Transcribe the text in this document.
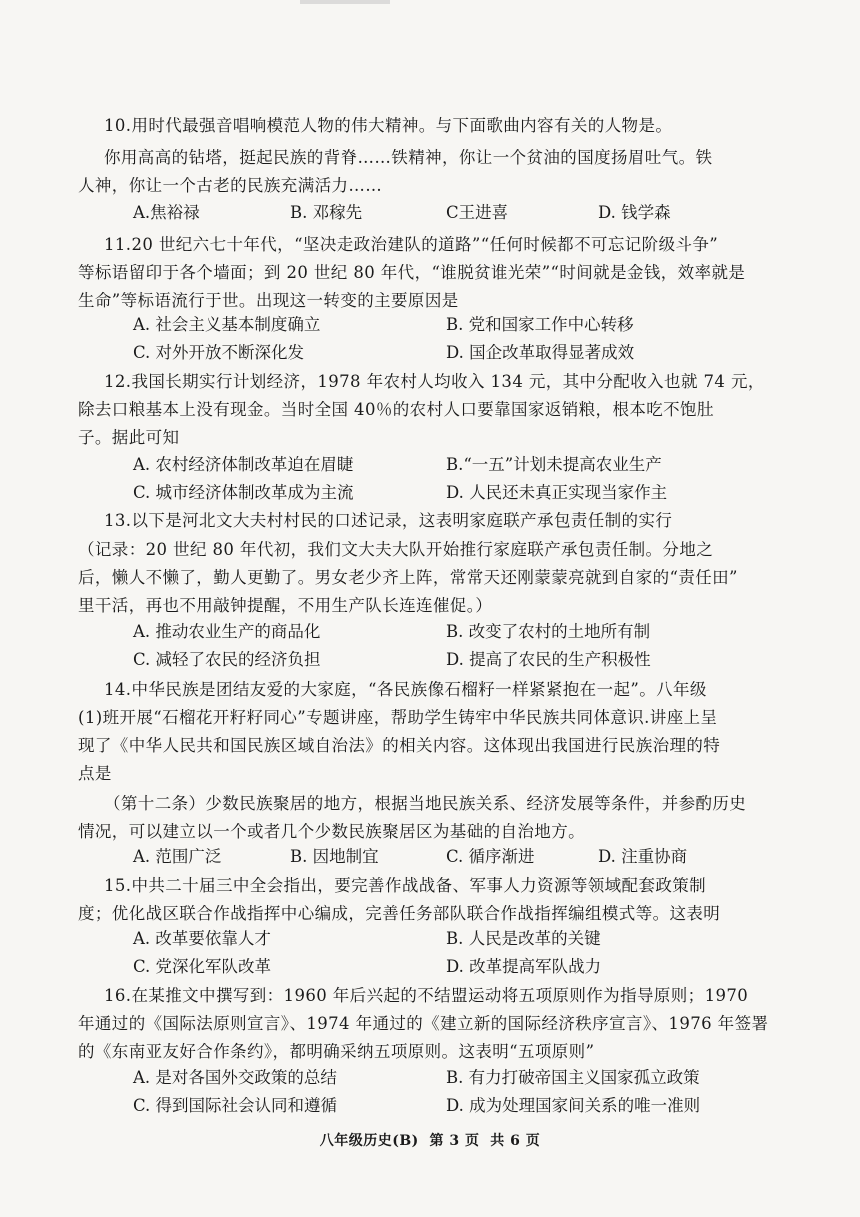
10.用时代最强音唱响模范人物的伟大精神。与下面歌曲内容有关的人物是。
你用高高的钻塔，挺起民族的背脊……铁精神，你让一个贫油的国度扬眉吐气。铁
人神，你让一个古老的民族充满活力……
A.焦裕禄	B. 邓稼先	C王进喜	D. 钱学森
11.20 世纪六七十年代，“坚决走政治建队的道路”“任何时候都不可忘记阶级斗争”
等标语留印于各个墙面；到 20 世纪 80 年代，“谁脱贫谁光荣”“时间就是金钱，效率就是
生命”等标语流行于世。出现这一转变的主要原因是
A. 社会主义基本制度确立	B. 党和国家工作中心转移
C. 对外开放不断深化发	D. 国企改革取得显著成效
12.我国长期实行计划经济，1978 年农村人均收入 134 元，其中分配收入也就 74 元，
除去口粮基本上没有现金。当时全国 40％的农村人口要靠国家返销粮，根本吃不饱肚
子。据此可知
A. 农村经济体制改革迫在眉睫	B.“一五”计划未提高农业生产
C. 城市经济体制改革成为主流	D. 人民还未真正实现当家作主
13.以下是河北文大夫村村民的口述记录，这表明家庭联产承包责任制的实行
（记录：20 世纪 80 年代初，我们文大夫大队开始推行家庭联产承包责任制。分地之
后，懒人不懒了，勤人更勤了。男女老少齐上阵，常常天还刚蒙蒙亮就到自家的“责任田”
里干活，再也不用敲钟提醒，不用生产队长连连催促。）
A. 推动农业生产的商品化	B. 改变了农村的土地所有制
C. 减轻了农民的经济负担	D. 提高了农民的生产积极性
14.中华民族是团结友爱的大家庭，“各民族像石榴籽一样紧紧抱在一起”。八年级
(1)班开展“石榴花开籽籽同心”专题讲座，帮助学生铸牢中华民族共同体意识.讲座上呈
现了《中华人民共和国民族区域自治法》的相关内容。这体现出我国进行民族治理的特
点是
（第十二条）少数民族聚居的地方，根据当地民族关系、经济发展等条件，并参酌历史
情况，可以建立以一个或者几个少数民族聚居区为基础的自治地方。
A. 范围广泛	B. 因地制宜	C. 循序渐进	D. 注重协商
15.中共二十届三中全会指出，要完善作战战备、军事人力资源等领域配套政策制
度；优化战区联合作战指挥中心编成，完善任务部队联合作战指挥编组模式等。这表明
A. 改革要依靠人才	B. 人民是改革的关键
C. 党深化军队改革	D. 改革提高军队战力
16.在某推文中撰写到：1960 年后兴起的不结盟运动将五项原则作为指导原则；1970
年通过的《国际法原则宣言》、1974 年通过的《建立新的国际经济秩序宣言》、1976 年签署
的《东南亚友好合作条约》，都明确采纳五项原则。这表明“五项原则”
A. 是对各国外交政策的总结	B. 有力打破帝国主义国家孤立政策
C. 得到国际社会认同和遵循	D. 成为处理国家间关系的唯一准则
八年级历史(B)  第 3 页  共 6 页
